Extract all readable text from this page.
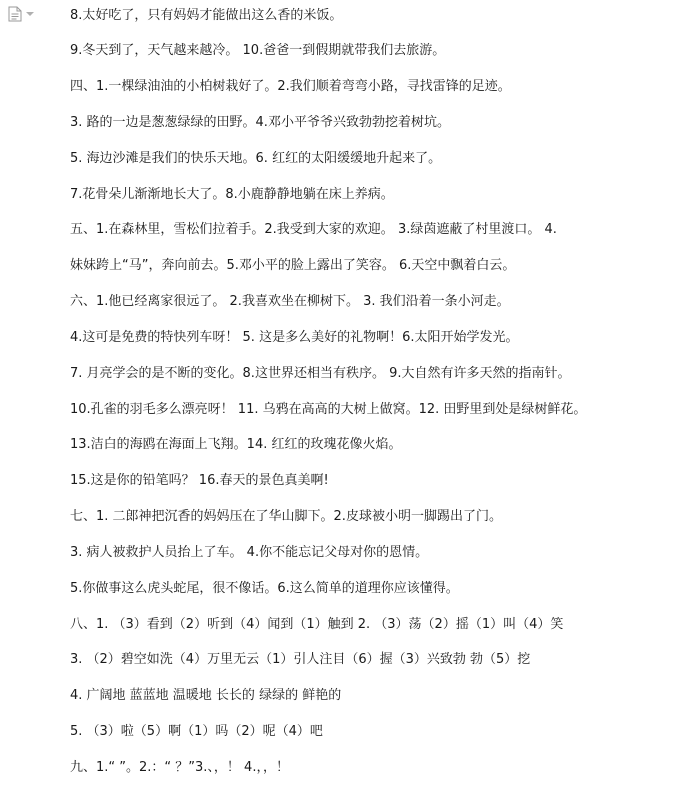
8.太好吃了，只有妈妈才能做出这么香的米饭。
9.冬天到了，天气越来越冷。 10.爸爸一到假期就带我们去旅游。
四、1.一棵绿油油的小柏树栽好了。2.我们顺着弯弯小路，寻找雷锋的足迹。
3. 路的一边是葱葱绿绿的田野。4.邓小平爷爷兴致勃勃挖着树坑。
5. 海边沙滩是我们的快乐天地。6. 红红的太阳缓缓地升起来了。
7.花骨朵儿渐渐地长大了。8.小鹿静静地躺在床上养病。
五、1.在森林里，雪松们拉着手。2.我受到大家的欢迎。 3.绿茵遮蔽了村里渡口。 4.
妹妹跨上“马”，奔向前去。5.邓小平的脸上露出了笑容。 6.天空中飘着白云。
六、1.他已经离家很远了。 2.我喜欢坐在柳树下。 3. 我们沿着一条小河走。
4.这可是免费的特快列车呀！ 5. 这是多么美好的礼物啊！6.太阳开始学发光。
7. 月亮学会的是不断的变化。8.这世界还相当有秩序。 9.大自然有许多天然的指南针。
10.孔雀的羽毛多么漂亮呀！ 11. 乌鸦在高高的大树上做窝。12. 田野里到处是绿树鲜花。
13.洁白的海鸥在海面上飞翔。14. 红红的玫瑰花像火焰。
15.这是你的铅笔吗？ 16.春天的景色真美啊!
七、1. 二郎神把沉香的妈妈压在了华山脚下。2.皮球被小明一脚踢出了门。
3. 病人被救护人员抬上了车。 4.你不能忘记父母对你的恩情。
5.你做事这么虎头蛇尾，很不像话。6.这么简单的道理你应该懂得。
八、1. （3）看到（2）听到（4）闻到（1）触到 2. （3）荡（2）摇（1）叫（4）笑
3. （2）碧空如洗（4）万里无云（1）引人注目（6）握（3）兴致勃 勃（5）挖
4. 广阔地 蓝蓝地 温暖地 长长的 绿绿的 鲜艳的
5. （3）啦（5）啊（1）吗（2）呢（4）吧
九、1.“ ”。2.：“ ？”3.、，！ 4.，，！
